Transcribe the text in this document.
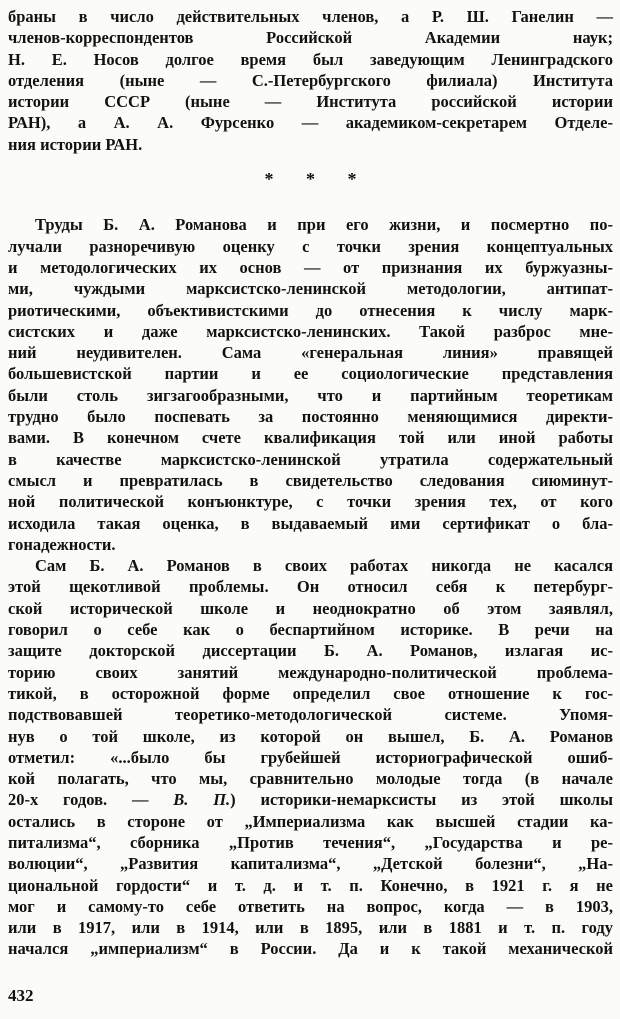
браны в число действительных членов, а Р. Ш. Ганелин —
членов-корреспондентов Российской Академии наук;
Н. Е. Носов долгое время был заведующим Ленинградского
отделения (ныне — С.-Петербургского филиала) Института
истории СССР (ныне — Института российской истории
РАН), а А. А. Фурсенко — академиком-секретарем Отделе-
ния истории РАН.
* * *
Труды Б. А. Романова и при его жизни, и посмертно по-
лучали разноречивую оценку с точки зрения концептуальных
и методологических их основ — от признания их буржуазны-
ми, чуждыми марксистско-ленинской методологии, антипат-
риотическими, объективистскими до отнесения к числу марк-
систских и даже марксистско-ленинских. Такой разброс мне-
ний неудивителен. Сама «генеральная линия» правящей
большевистской партии и ее социологические представления
были столь зигзагообразными, что и партийным теоретикам
трудно было поспевать за постоянно меняющимися директи-
вами. В конечном счете квалификация той или иной работы
в качестве марксистско-ленинской утратила содержательный
смысл и превратилась в свидетельство следования сиюминут-
ной политической конъюнктуре, с точки зрения тех, от кого
исходила такая оценка, в выдаваемый ими сертификат о бла-
гонадежности.
Сам Б. А. Романов в своих работах никогда не касался
этой щекотливой проблемы. Он относил себя к петербург-
ской исторической школе и неоднократно об этом заявлял,
говорил о себе как о беспартийном историке. В речи на
защите докторской диссертации Б. А. Романов, излагая ис-
торию своих занятий международно-политической проблема-
тикой, в осторожной форме определил свое отношение к гос-
подствовавшей теоретико-методологической системе. Упомя-
нув о той школе, из которой он вышел, Б. А. Романов
отметил: «...было бы грубейшей историографической ошиб-
кой полагать, что мы, сравнительно молодые тогда (в начале
20-х годов. — В. П.) историки-немарксисты из этой школы
остались в стороне от „Империализма как высшей стадии ка-
питализма“, сборника „Против течения“, „Государства и ре-
волюции“, „Развития капитализма“, „Детской болезни“, „На-
циональной гордости“ и т. д. и т. п. Конечно, в 1921 г. я не
мог и самому-то себе ответить на вопрос, когда — в 1903,
или в 1917, или в 1914, или в 1895, или в 1881 и т. п. году
начался „империализм“ в России. Да и к такой механической
432
